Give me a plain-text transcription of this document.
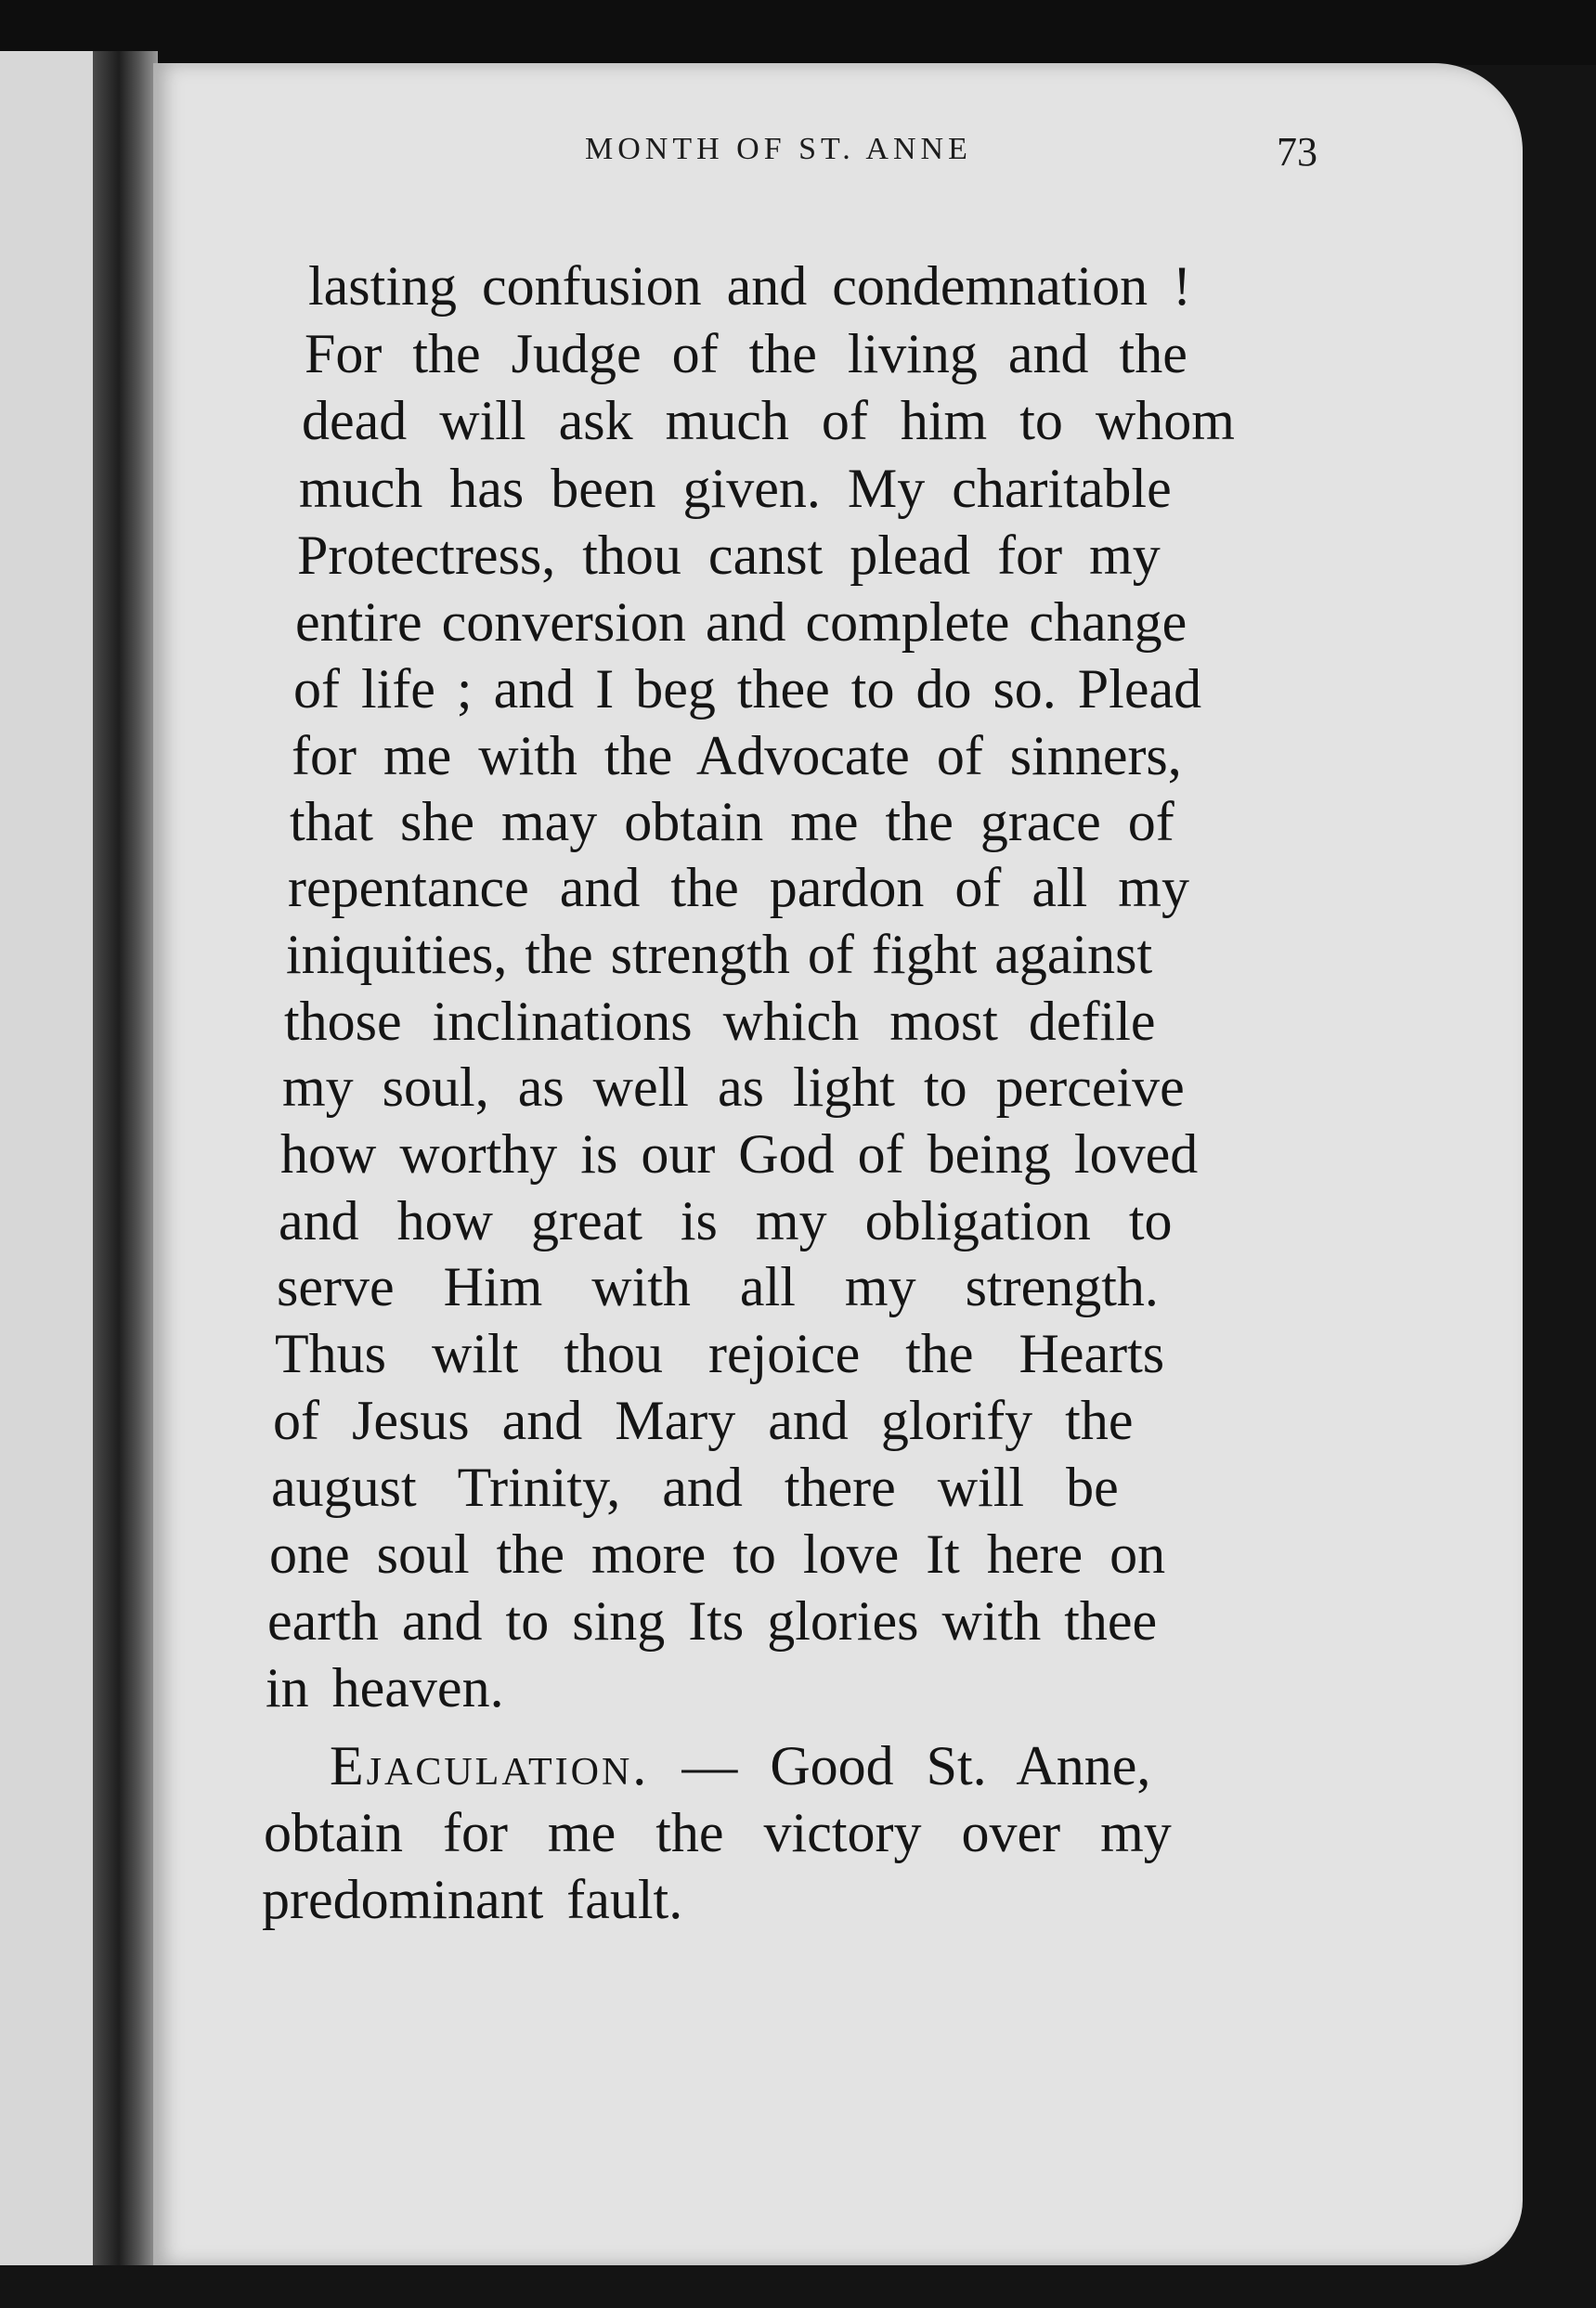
MONTH OF ST. ANNE	73
lasting confusion and condemnation !
For the Judge of the living and the
dead will ask much of him to whom
much has been given. My charitable
Protectress, thou canst plead for my
entire conversion and complete change
of life ; and I beg thee to do so. Plead
for me with the Advocate of sinners,
that she may obtain me the grace of
repentance and the pardon of all my
iniquities, the strength of fight against
those inclinations which most defile
my soul, as well as light to perceive
how worthy is our God of being loved
and how great is my obligation to
serve Him with all my strength.
Thus wilt thou rejoice the Hearts
of Jesus and Mary and glorify the
august Trinity, and there will be
one soul the more to love It here on
earth and to sing Its glories with thee
in heaven.
Ejaculation. — Good St. Anne,
obtain for me the victory over my
predominant fault.
